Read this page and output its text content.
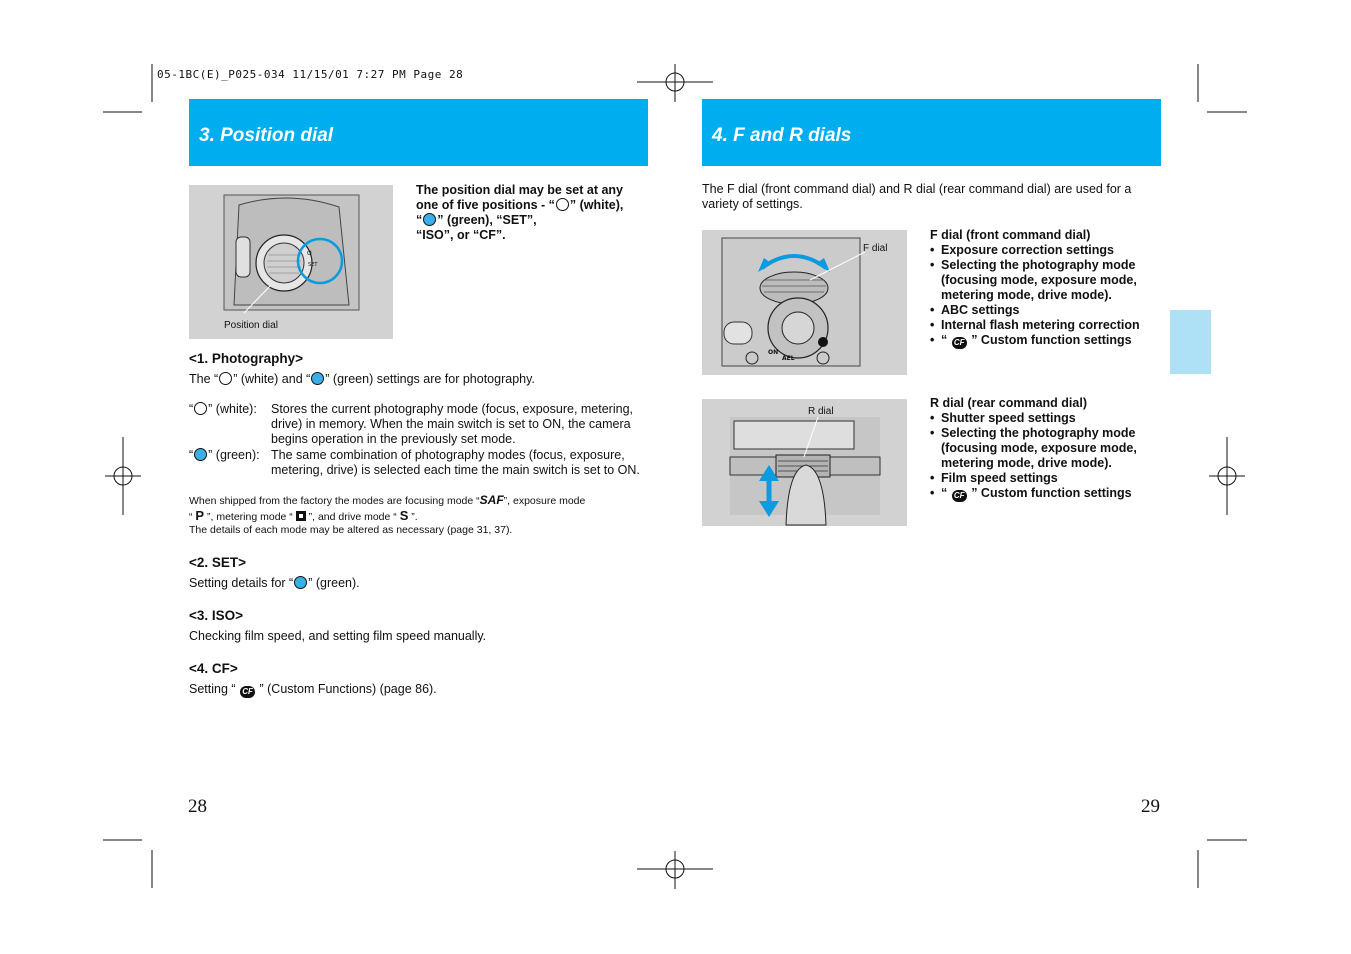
05-1BC(E)_P025-034 11/15/01 7:27 PM Page 28
3. Position dial
O
SET
Position dial
The position dial may be set at any
one of five positions - “ ” (white),
“ ” (green), “SET”,
“ISO”, or “CF”.
<1. Photography>
The “ ” (white) and “ ” (green) settings are for photography.
“ ” (white):	Stores the current photography mode (focus, exposure, metering, drive) in memory. When the main switch is set to ON, the camera begins operation in the previously set mode.
“ ” (green): The same combination of photography modes (focus, exposure, metering, drive) is selected each time the main switch is set to ON.
When shipped from the factory the modes are focusing mode “SAF”, exposure mode
“ P ”, metering mode “
”, and drive mode “ S ”.
The details of each mode may be altered as necessary (page 31, 37).
<2. SET>
Setting details for “ ” (green).
<3. ISO>
Checking film speed, and setting film speed manually.
<4. CF>
Setting “ CF ” (Custom Functions) (page 86).
28
4. F and R dials
The F dial (front command dial) and R dial (rear command dial) are used for a variety of settings.
ON
AEL
F dial
R dial
F dial (front command dial)
• Exposure correction settings
• Selecting the photography mode (focusing mode, exposure mode, metering mode, drive mode).
• ABC settings
• Internal flash metering correction
• “ CF ” Custom function settings
R dial (rear command dial)
• Shutter speed settings
• Selecting the photography mode (focusing mode, exposure mode, metering mode, drive mode).
• Film speed settings
• “ CF ” Custom function settings
29
